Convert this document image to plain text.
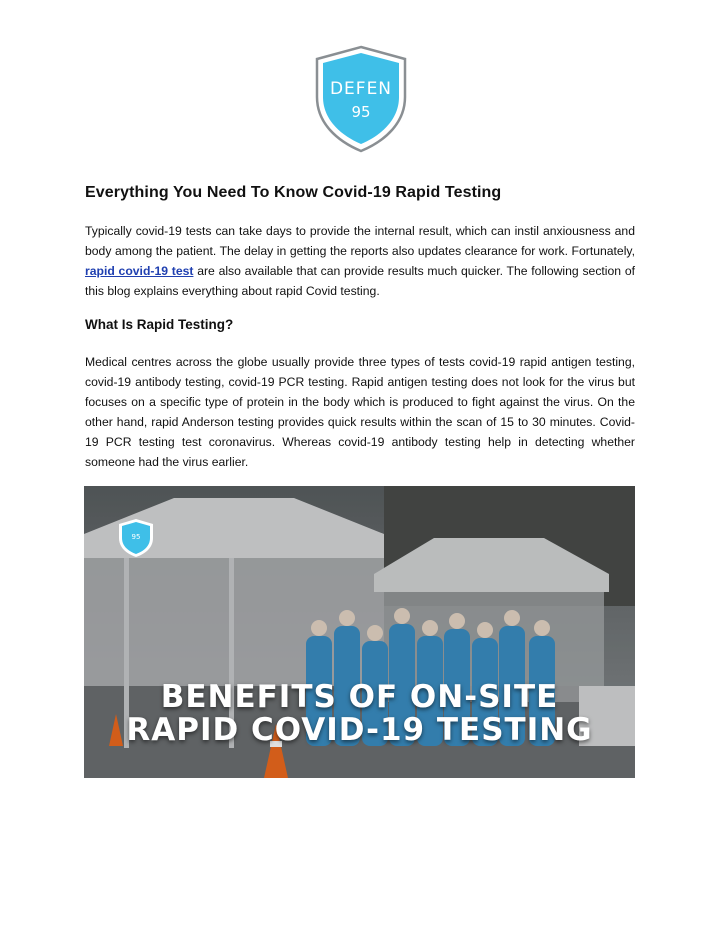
DEFEN
95
Everything You Need To Know Covid-19 Rapid Testing

Typically covid-19 tests can take days to provide the internal result, which can instil anxiousness and body among the patient. The delay in getting the reports also updates clearance for work. Fortunately, rapid covid-19 test are also available that can provide results much quicker. The following section of this blog explains everything about rapid Covid testing.

What Is Rapid Testing?

Medical centres across the globe usually provide three types of tests covid-19 rapid antigen testing, covid-19 antibody testing, covid-19 PCR testing. Rapid antigen testing does not look for the virus but focuses on a specific type of protein in the body which is produced to fight against the virus. On the other hand, rapid Anderson testing provides quick results within the scan of 15 to 30 minutes. Covid-19 PCR testing test coronavirus. Whereas covid-19 antibody testing help in detecting whether someone had the virus earlier.

95
BENEFITS OF ON-SITE
RAPID COVID-19 TESTING
